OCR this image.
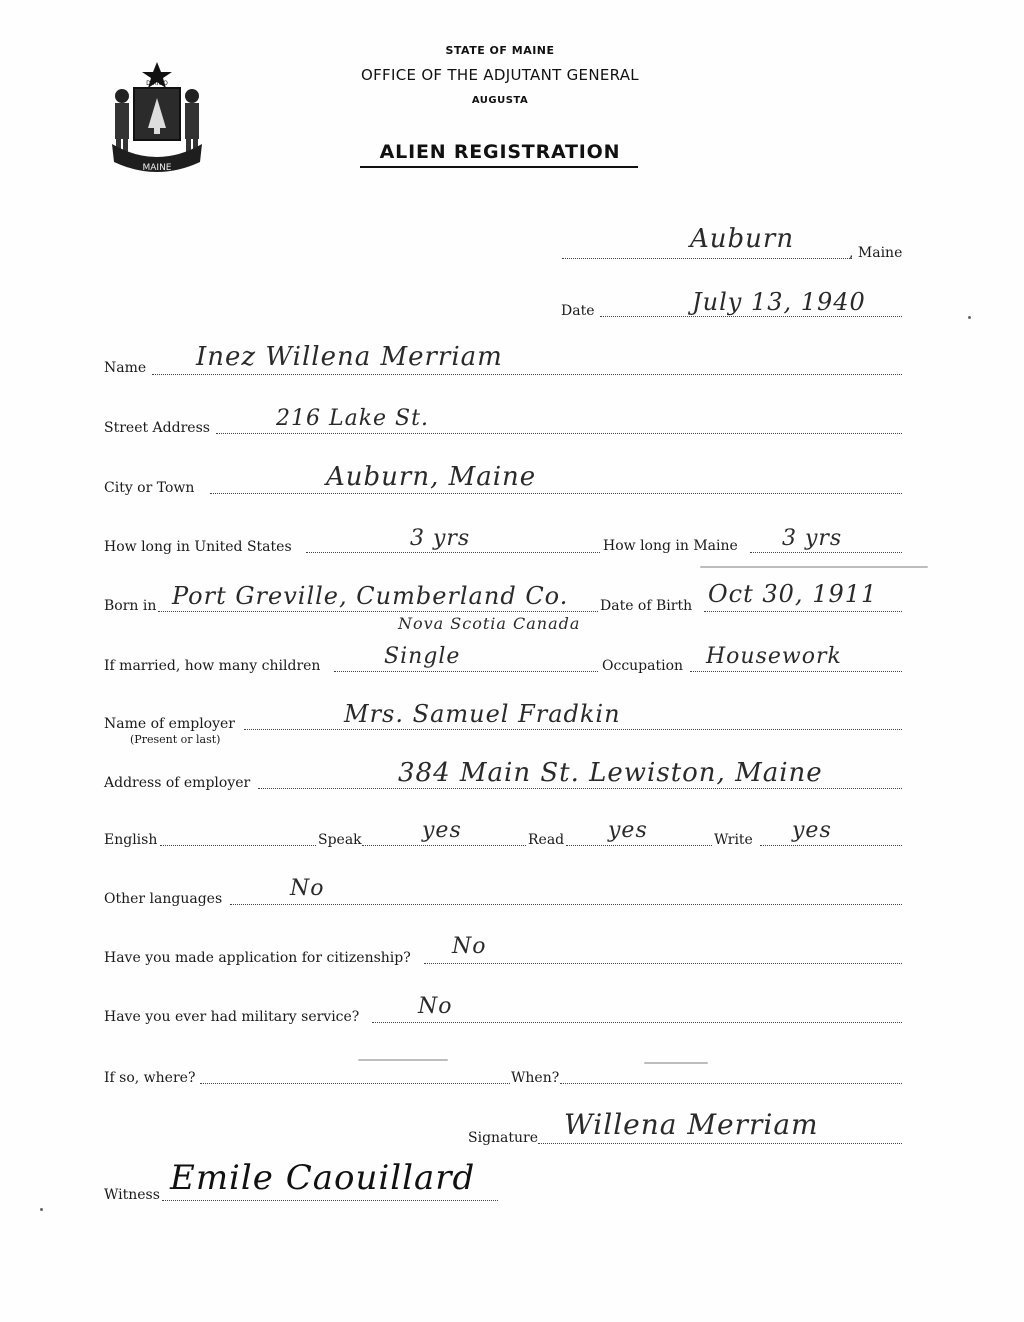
MAINE
DIRIGO
STATE OF MAINE
OFFICE OF THE ADJUTANT GENERAL
AUGUSTA
ALIEN REGISTRATION
Auburn	, Maine
Date	July 13, 1940
Name Inez Willena Merriam
Street Address	216 Lake St.
City or Town	Auburn, Maine
How long in United States	3 yrs	How long in Maine 3 yrs
Born in Port Greville, Cumberland Co.
Nova Scotia Canada
Date of Birth Oct 30, 1911
If married, how many children	Single	Occupation Housework
Name of employer
(Present or last)
Mrs. Samuel Fradkin
Address of employer	384 Main St. Lewiston, Maine
English	Speak	yes	Read yes	Write yes
Other languages	No
Have you made application for citizenship? No
Have you ever had military service?	No
If so, where?	When?
Signature Willena Merriam
Witness Emile Caouillard
